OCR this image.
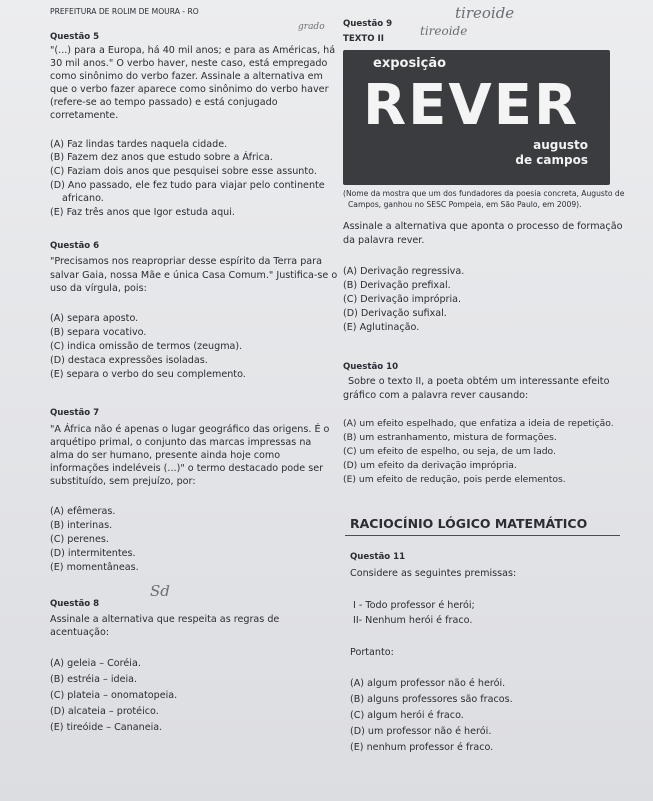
PREFEITURA DE ROLIM DE MOURA - RO
grado
tireoide
tireoide
Sd
Questão 5
"(...) para a Europa, há 40 mil anos; e para as Américas, há
30 mil anos." O verbo haver, neste caso, está empregado
como sinônimo do verbo fazer. Assinale a alternativa em
que o verbo fazer aparece como sinônimo do verbo haver
(refere-se ao tempo passado) e está conjugado
corretamente.
(A) Faz lindas tardes naquela cidade.
(B) Fazem dez anos que estudo sobre a África.
(C) Faziam dois anos que pesquisei sobre esse assunto.
(D) Ano passado, ele fez tudo para viajar pelo continente
africano.
(E) Faz três anos que Igor estuda aqui.
Questão 6
"Precisamos nos reapropriar desse espírito da Terra para
salvar Gaia, nossa Mãe e única Casa Comum." Justifica-se o
uso da vírgula, pois:
(A) separa aposto.
(B) separa vocativo.
(C) indica omissão de termos (zeugma).
(D) destaca expressões isoladas.
(E) separa o verbo do seu complemento.
Questão 7
"A África não é apenas o lugar geográfico das origens. É o
arquétipo primal, o conjunto das marcas impressas na
alma do ser humano, presente ainda hoje como
informações indeléveis (...)" o termo destacado pode ser
substituído, sem prejuízo, por:
(A) efêmeras.
(B) interinas.
(C) perenes.
(D) intermitentes.
(E) momentâneas.
Questão 8
Assinale a alternativa que respeita as regras de
acentuação:
(A) geleia – Coréia.
(B) estréia – ideia.
(C) plateia – onomatopeia.
(D) alcateia – protéico.
(E) tireóide – Cananeia.
Questão 9
TEXTO II
exposição
REVER
augusto
de campos
(Nome da mostra que um dos fundadores da poesia concreta, Augusto de
Campos, ganhou no SESC Pompeia, em São Paulo, em 2009).
Assinale a alternativa que aponta o processo de formação
da palavra rever.
(A) Derivação regressiva.
(B) Derivação prefixal.
(C) Derivação imprópria.
(D) Derivação sufixal.
(E) Aglutinação.
Questão 10
Sobre o texto II, a poeta obtém um interessante efeito
gráfico com a palavra rever causando:
(A) um efeito espelhado, que enfatiza a ideia de repetição.
(B) um estranhamento, mistura de formações.
(C) um efeito de espelho, ou seja, de um lado.
(D) um efeito da derivação imprópria.
(E) um efeito de redução, pois perde elementos.
RACIOCÍNIO LÓGICO MATEMÁTICO
Questão 11
Considere as seguintes premissas:
I - Todo professor é herói;
II- Nenhum herói é fraco.
Portanto:
(A) algum professor não é herói.
(B) alguns professores são fracos.
(C) algum herói é fraco.
(D) um professor não é herói.
(E) nenhum professor é fraco.
